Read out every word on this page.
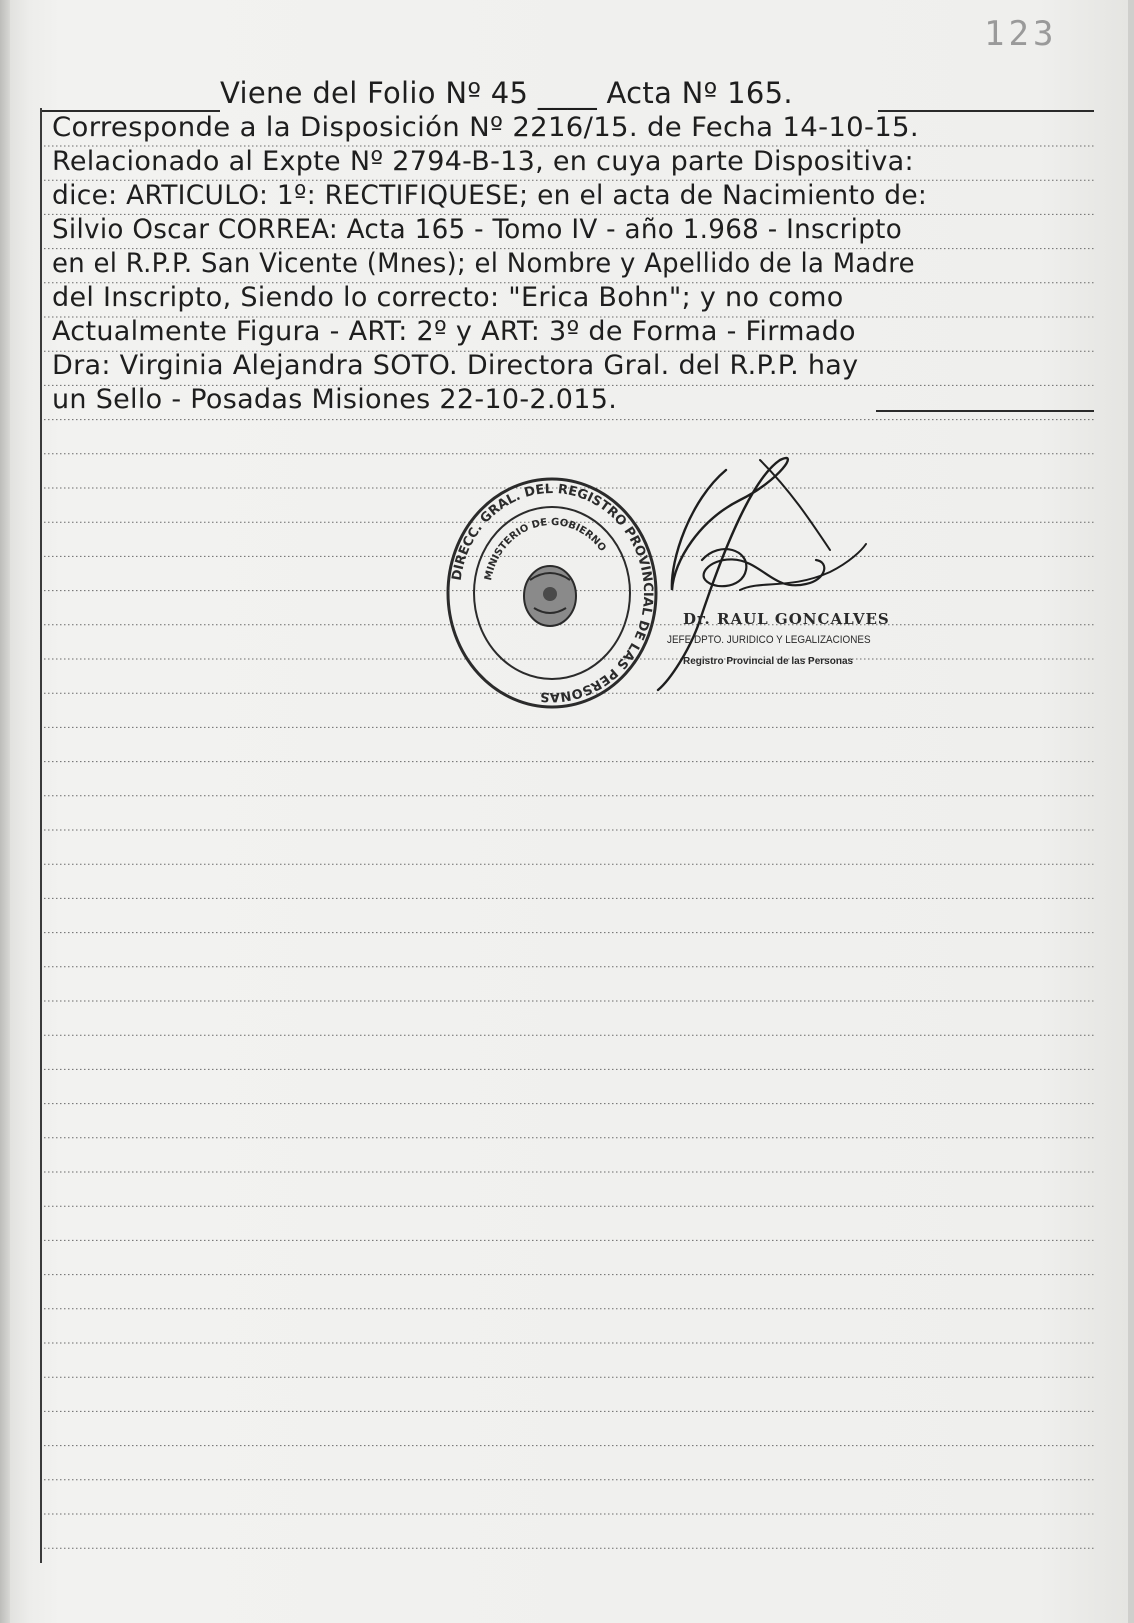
123
Viene del Folio Nº 45 ____ Acta Nº 165.
Corresponde a la Disposición Nº 2216/15. de Fecha 14-10-15.
Relacionado al Expte Nº 2794-B-13, en cuya parte Dispositiva:
dice: ARTICULO: 1º: RECTIFIQUESE; en el acta de Nacimiento de:
Silvio Oscar CORREA: Acta 165 - Tomo IV - año 1.968 - Inscripto
en el R.P.P. San Vicente (Mnes); el Nombre y Apellido de la Madre
del Inscripto, Siendo lo correcto: "Erica Bohn"; y no como
Actualmente Figura - ART: 2º y ART: 3º de Forma - Firmado
Dra: Virginia Alejandra SOTO. Directora Gral. del R.P.P. hay
un Sello - Posadas Misiones 22-10-2.015.
DIRECC. GRAL. DEL REGISTRO PROVINCIAL DE LAS PERSONAS
MINISTERIO DE GOBIERNO
Dr. RAUL GONCALVES
JEFE DPTO. JURIDICO Y LEGALIZACIONES
Registro Provincial de las Personas
